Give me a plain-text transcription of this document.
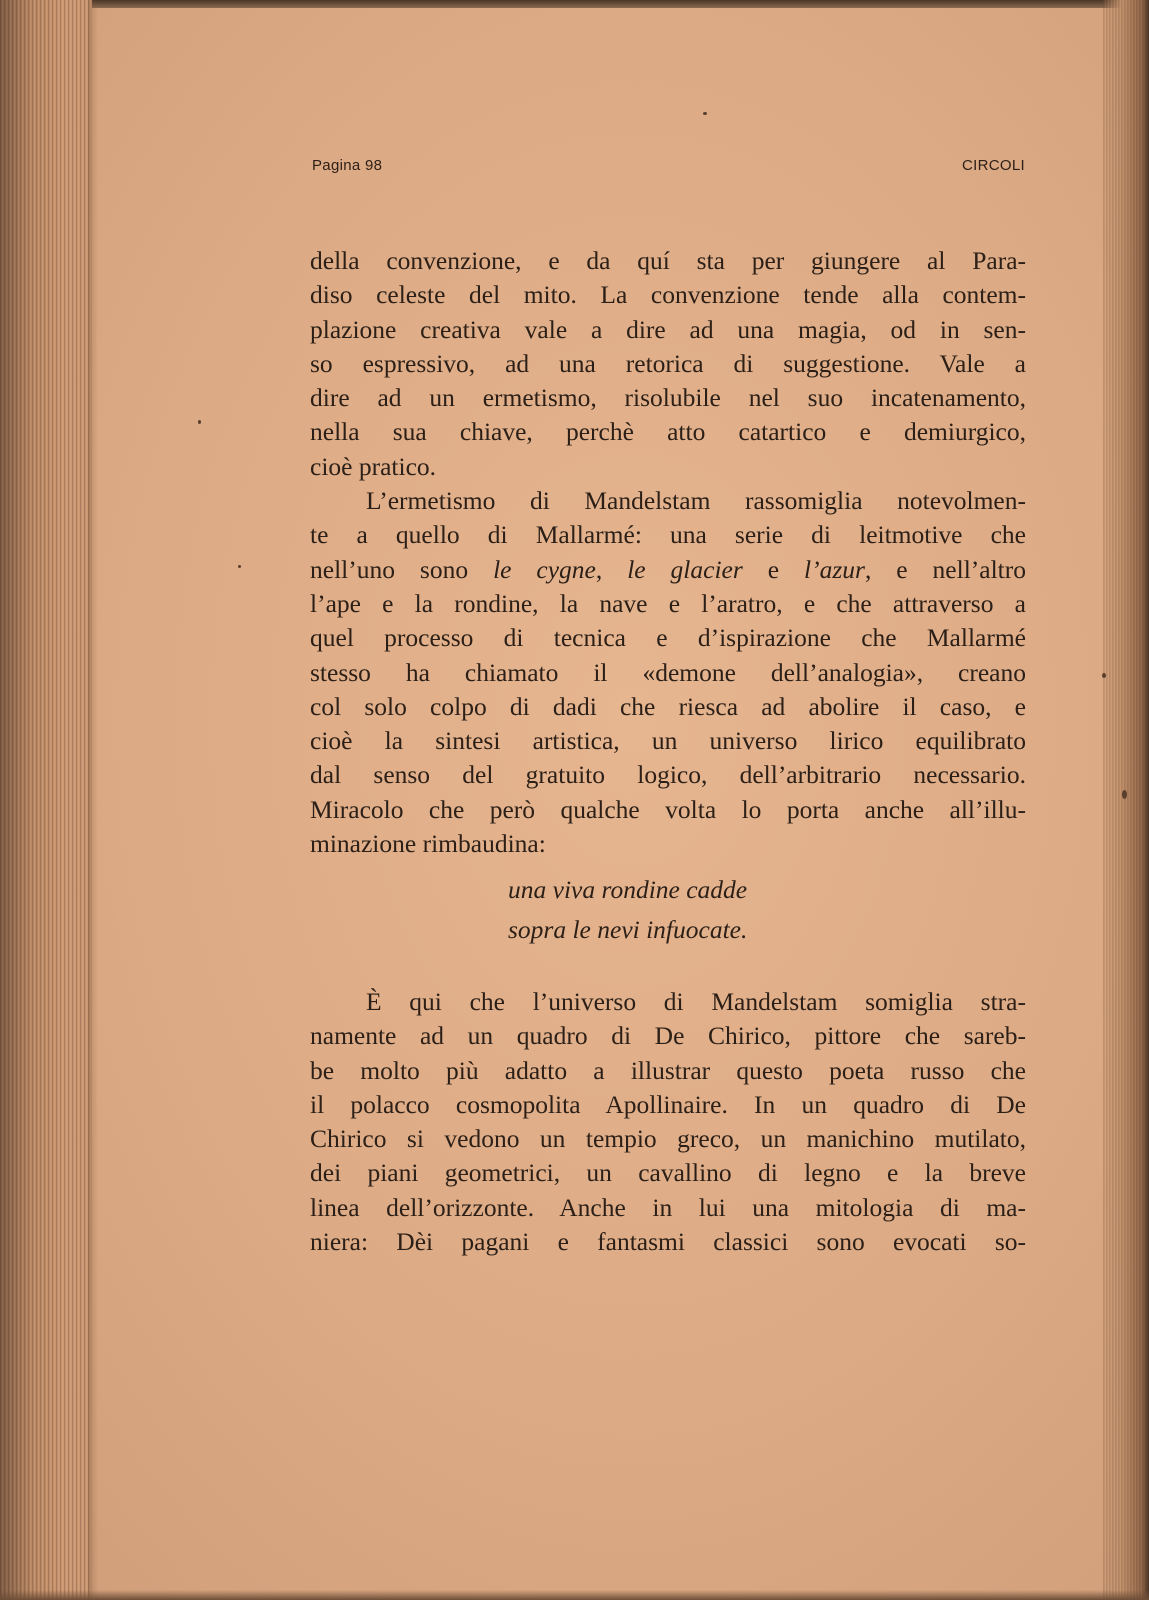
Pagina 98	CIRCOLI
della convenzione, e da quí sta per giungere al Para-
diso celeste del mito. La convenzione tende alla contem-
plazione creativa vale a dire ad una magia, od in sen-
so espressivo, ad una retorica di suggestione. Vale a
dire ad un ermetismo, risolubile nel suo incatenamento,
nella sua chiave, perchè atto catartico e demiurgico,
cioè pratico.
L’ermetismo di Mandelstam rassomiglia notevolmen-
te a quello di Mallarmé: una serie di leitmotive che
nell’uno sono le cygne, le glacier e l’azur, e nell’altro
l’ape e la rondine, la nave e l’aratro, e che attraverso a
quel processo di tecnica e d’ispirazione che Mallarmé
stesso ha chiamato il «demone dell’analogia», creano
col solo colpo di dadi che riesca ad abolire il caso, e
cioè la sintesi artistica, un universo lirico equilibrato
dal senso del gratuito logico, dell’arbitrario necessario.
Miracolo che però qualche volta lo porta anche all’illu-
minazione rimbaudina:
una viva rondine cadde
sopra le nevi infuocate.
È qui che l’universo di Mandelstam somiglia stra-
namente ad un quadro di De Chirico, pittore che sareb-
be molto più adatto a illustrar questo poeta russo che
il polacco cosmopolita Apollinaire. In un quadro di De
Chirico si vedono un tempio greco, un manichino mutilato,
dei piani geometrici, un cavallino di legno e la breve
linea dell’orizzonte. Anche in lui una mitologia di ma-
niera: Dèi pagani e fantasmi classici sono evocati so-
